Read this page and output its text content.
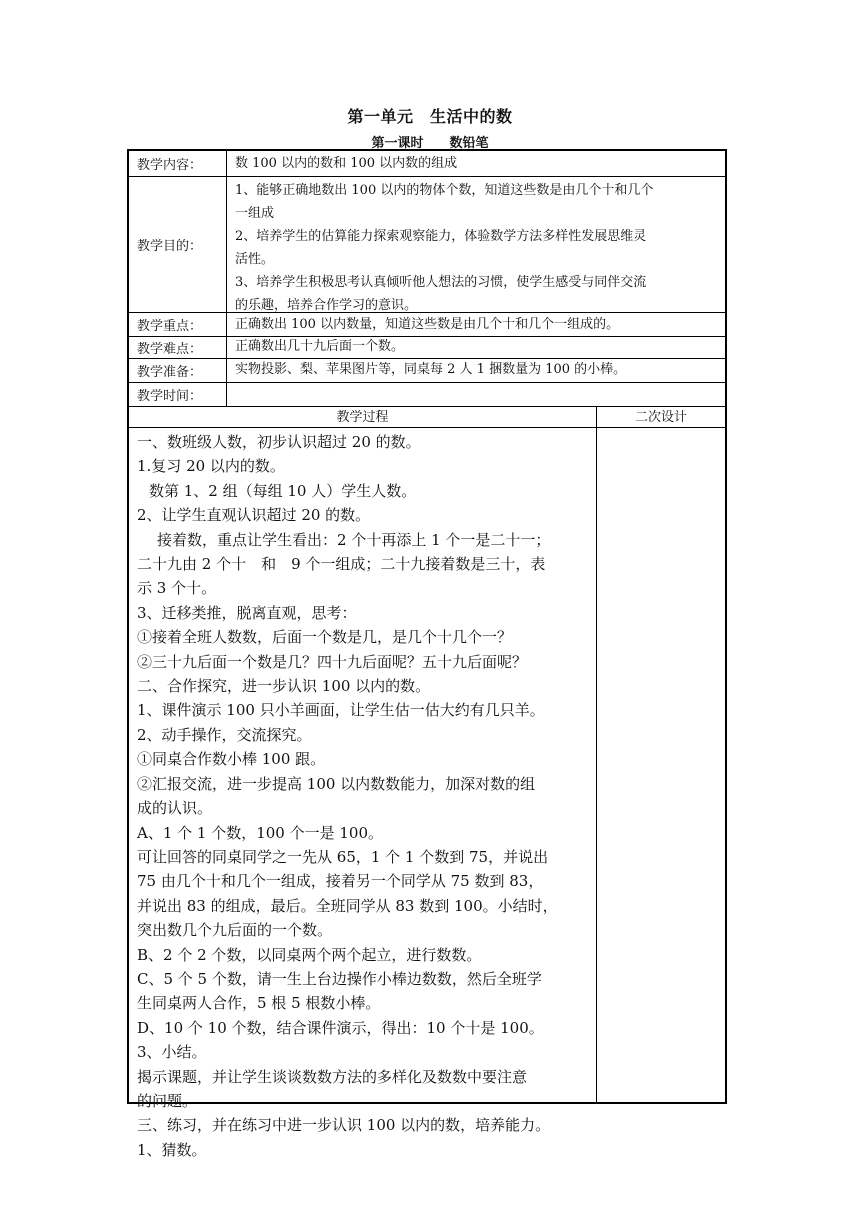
第一单元　生活中的数
第一课时　　数铅笔
教学内容：	数 100 以内的数和 100 以内数的组成
教学目的：
1、能够正确地数出 100 以内的物体个数，知道这些数是由几个十和几个
一组成
2、培养学生的估算能力探索观察能力，体验数学方法多样性发展思维灵
活性。
3、培养学生积极思考认真倾听他人想法的习惯，使学生感受与同伴交流
的乐趣，培养合作学习的意识。
教学重点：	正确数出 100 以内数量，知道这些数是由几个十和几个一组成的。
教学难点：	正确数出几十九后面一个数。
教学准备：	实物投影、梨、苹果图片等，同桌每 2 人 1 捆数量为 100 的小棒。
教学时间：
教学过程	二次设计
一、数班级人数，初步认识超过 20 的数。
1.复习 20 以内的数。
数第 1、2 组（每组 10 人）学生人数。
2、让学生直观认识超过 20 的数。
接着数，重点让学生看出：2 个十再添上 1 个一是二十一；
二十九由 2 个十　和　9 个一组成；二十九接着数是三十，表
示 3 个十。
3、迁移类推，脱离直观，思考：
①接着全班人数数，后面一个数是几，是几个十几个一？
②三十九后面一个数是几？四十九后面呢？五十九后面呢？
二、合作探究，进一步认识 100 以内的数。
1、课件演示 100 只小羊画面，让学生估一估大约有几只羊。
2、动手操作，交流探究。
①同桌合作数小棒 100 跟。
②汇报交流，进一步提高 100 以内数数能力，加深对数的组
成的认识。
A、1 个 1 个数，100 个一是 100。
可让回答的同桌同学之一先从 65，1 个 1 个数到 75，并说出
75 由几个十和几个一组成，接着另一个同学从 75 数到 83，
并说出 83 的组成，最后。全班同学从 83 数到 100。小结时，
突出数几个九后面的一个数。
B、2 个 2 个数，以同桌两个两个起立，进行数数。
C、5 个 5 个数，请一生上台边操作小棒边数数，然后全班学
生同桌两人合作，5 根 5 根数小棒。
D、10 个 10 个数，结合课件演示，得出：10 个十是 100。
3、小结。
揭示课题，并让学生谈谈数数方法的多样化及数数中要注意
的问题。
三、练习，并在练习中进一步认识 100 以内的数，培养能力。
1、猜数。
